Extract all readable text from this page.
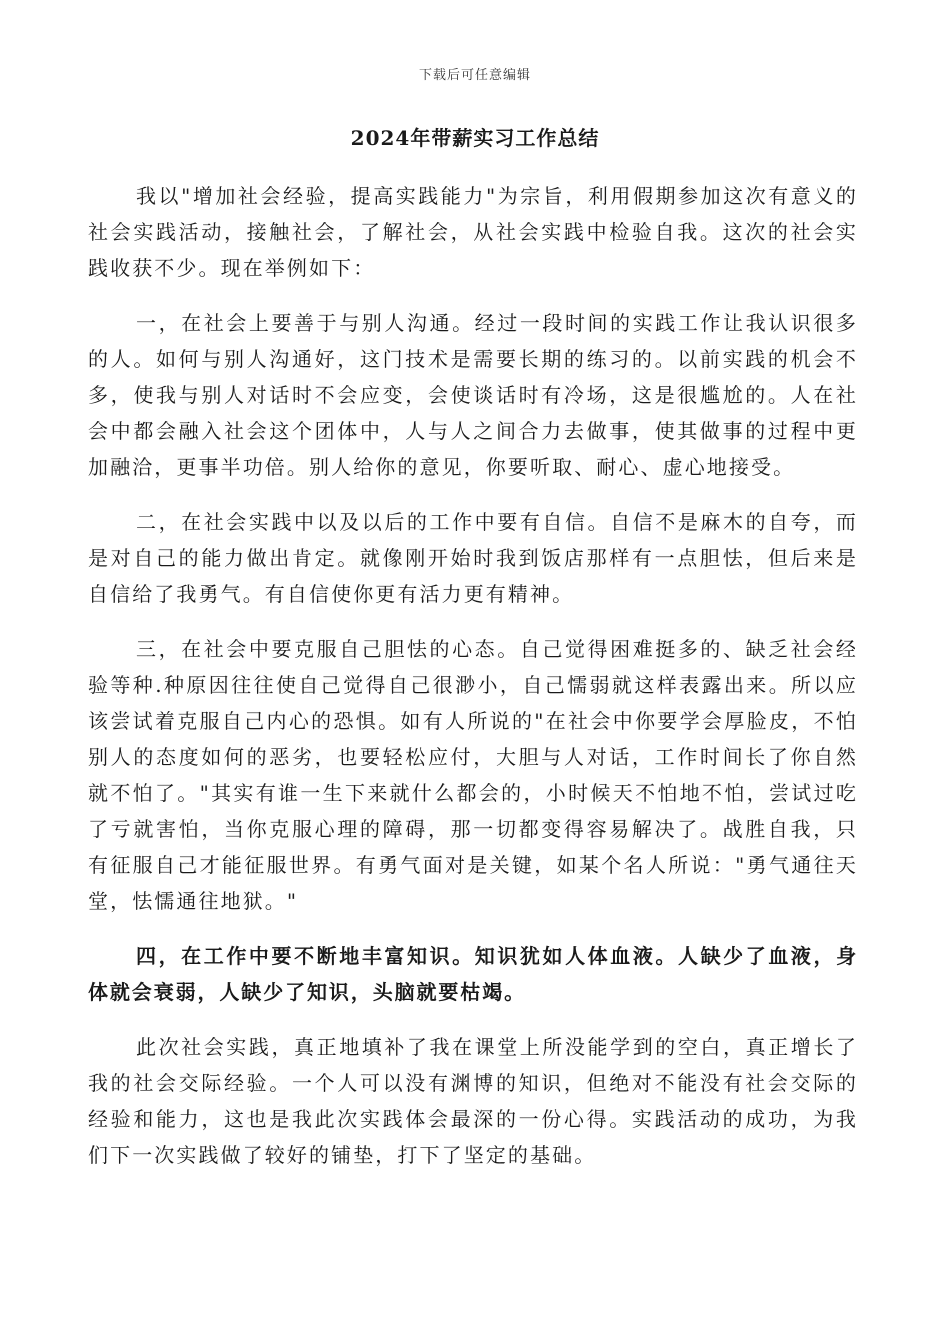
下载后可任意编辑
2024年带薪实习工作总结

我以"增加社会经验，提高实践能力"为宗旨，利用假期参加这次有意义的社会实践活动，接触社会，了解社会，从社会实践中检验自我。这次的社会实践收获不少。现在举例如下：

一，在社会上要善于与别人沟通。经过一段时间的实践工作让我认识很多的人。如何与别人沟通好，这门技术是需要长期的练习的。以前实践的机会不多，使我与别人对话时不会应变，会使谈话时有冷场，这是很尴尬的。人在社会中都会融入社会这个团体中，人与人之间合力去做事，使其做事的过程中更加融洽，更事半功倍。别人给你的意见，你要听取、耐心、虚心地接受。

二，在社会实践中以及以后的工作中要有自信。自信不是麻木的自夸，而是对自己的能力做出肯定。就像刚开始时我到饭店那样有一点胆怯，但后来是自信给了我勇气。有自信使你更有活力更有精神。

三，在社会中要克服自己胆怯的心态。自己觉得困难挺多的、缺乏社会经验等种.种原因往往使自己觉得自己很渺小，自己懦弱就这样表露出来。所以应该尝试着克服自己内心的恐惧。如有人所说的"在社会中你要学会厚脸皮，不怕别人的态度如何的恶劣，也要轻松应付，大胆与人对话，工作时间长了你自然就不怕了。"其实有谁一生下来就什么都会的，小时候天不怕地不怕，尝试过吃了亏就害怕，当你克服心理的障碍，那一切都变得容易解决了。战胜自我，只有征服自己才能征服世界。有勇气面对是关键，如某个名人所说："勇气通往天堂，怯懦通往地狱。"

四，在工作中要不断地丰富知识。知识犹如人体血液。人缺少了血液，身体就会衰弱，人缺少了知识，头脑就要枯竭。

此次社会实践，真正地填补了我在课堂上所没能学到的空白，真正增长了我的社会交际经验。一个人可以没有渊博的知识，但绝对不能没有社会交际的经验和能力，这也是我此次实践体会最深的一份心得。实践活动的成功，为我们下一次实践做了较好的铺垫，打下了坚定的基础。
